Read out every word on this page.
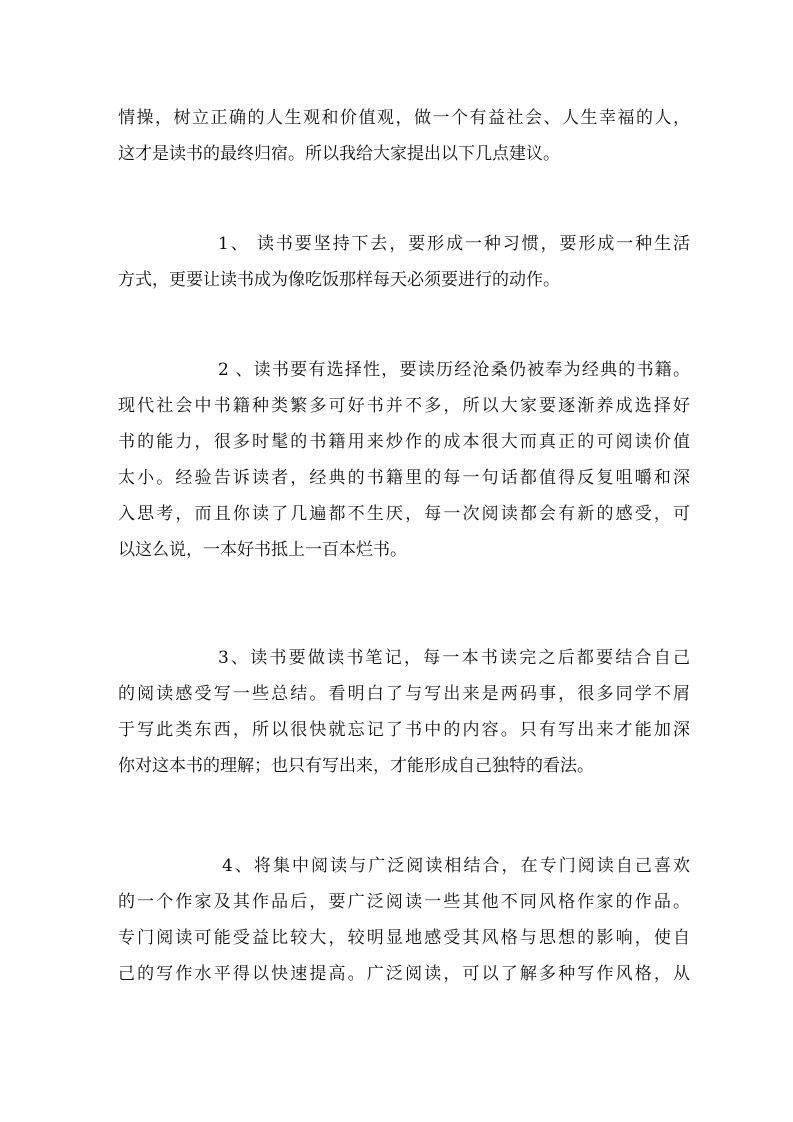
情操，树立正确的人生观和价值观，做一个有益社会、人生幸福的人，
这才是读书的最终归宿。所以我给大家提出以下几点建议。

1、 读书要坚持下去，要形成一种习惯，要形成一种生活
方式，更要让读书成为像吃饭那样每天必须要进行的动作。

2 、读书要有选择性，要读历经沧桑仍被奉为经典的书籍。
现代社会中书籍种类繁多可好书并不多，所以大家要逐渐养成选择好
书的能力，很多时髦的书籍用来炒作的成本很大而真正的可阅读价值
太小。经验告诉读者，经典的书籍里的每一句话都值得反复咀嚼和深
入思考，而且你读了几遍都不生厌，每一次阅读都会有新的感受，可
以这么说，一本好书抵上一百本烂书。

3、读书要做读书笔记，每一本书读完之后都要结合自己
的阅读感受写一些总结。看明白了与写出来是两码事，很多同学不屑
于写此类东西，所以很快就忘记了书中的内容。只有写出来才能加深
你对这本书的理解；也只有写出来，才能形成自己独特的看法。

4、将集中阅读与广泛阅读相结合，在专门阅读自己喜欢
的一个作家及其作品后，要广泛阅读一些其他不同风格作家的作品。
专门阅读可能受益比较大，较明显地感受其风格与思想的影响，使自
己的写作水平得以快速提高。广泛阅读，可以了解多种写作风格，从
